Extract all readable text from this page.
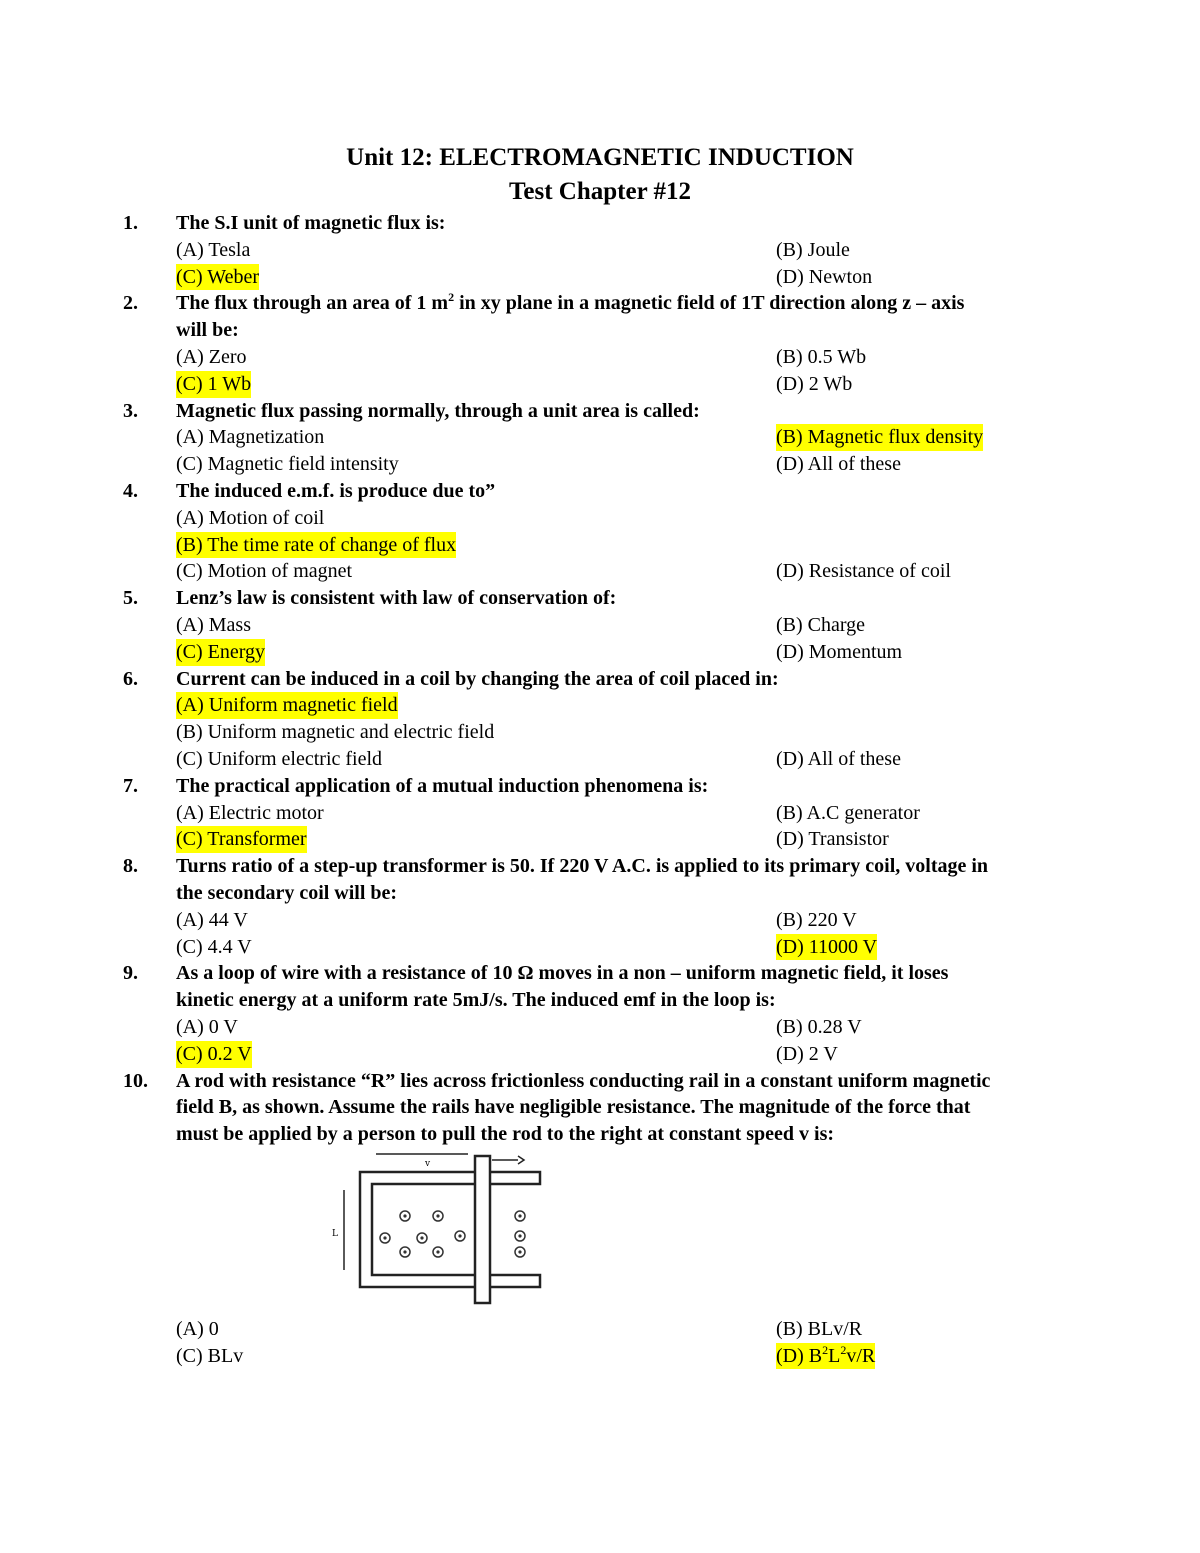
Unit 12: ELECTROMAGNETIC INDUCTION
Test Chapter #12
1. The S.I unit of magnetic flux is:
(A) Tesla	(B) Joule
(C) Weber	(D) Newton
2. The flux through an area of 1 $m^2$ in xy plane in a magnetic field of 1T direction along z – axis
will be:
(A) Zero	(B) 0.5 Wb
(C) 1 Wb	(D) 2 Wb
3. Magnetic flux passing normally, through a unit area is called:
(A) Magnetization	(B) Magnetic flux density
(C) Magnetic field intensity	(D) All of these
4. The induced e.m.f. is produce due to”
(A) Motion of coil
(B) The time rate of change of flux
(C) Motion of magnet	(D) Resistance of coil
5. Lenz’s law is consistent with law of conservation of:
(A) Mass	(B) Charge
(C) Energy	(D) Momentum
6. Current can be induced in a coil by changing the area of coil placed in:
(A) Uniform magnetic field
(B) Uniform magnetic and electric field
(C) Uniform electric field	(D) All of these
7. The practical application of a mutual induction phenomena is:
(A) Electric motor	(B) A.C generator
(C) Transformer	(D) Transistor
8. Turns ratio of a step-up transformer is 50. If 220 V A.C. is applied to its primary coil, voltage in
the secondary coil will be:
(A) 44 V	(B) 220 V
(C) 4.4 V	(D) 11000 V
9. As a loop of wire with a resistance of 10 Ω moves in a non – uniform magnetic field, it loses
kinetic energy at a uniform rate 5mJ/s. The induced emf in the loop is:
(A) 0 V	(B) 0.28 V
(C) 0.2 V	(D) 2 V
10. A rod with resistance “R” lies across frictionless conducting rail in a constant uniform magnetic
field B, as shown. Assume the rails have negligible resistance. The magnitude of the force that
must be applied by a person to pull the rod to the right at constant speed v is:
v
L
(A) 0	(B) BLv/R
(C) BLv	(D) $B^2L^2v/R$
